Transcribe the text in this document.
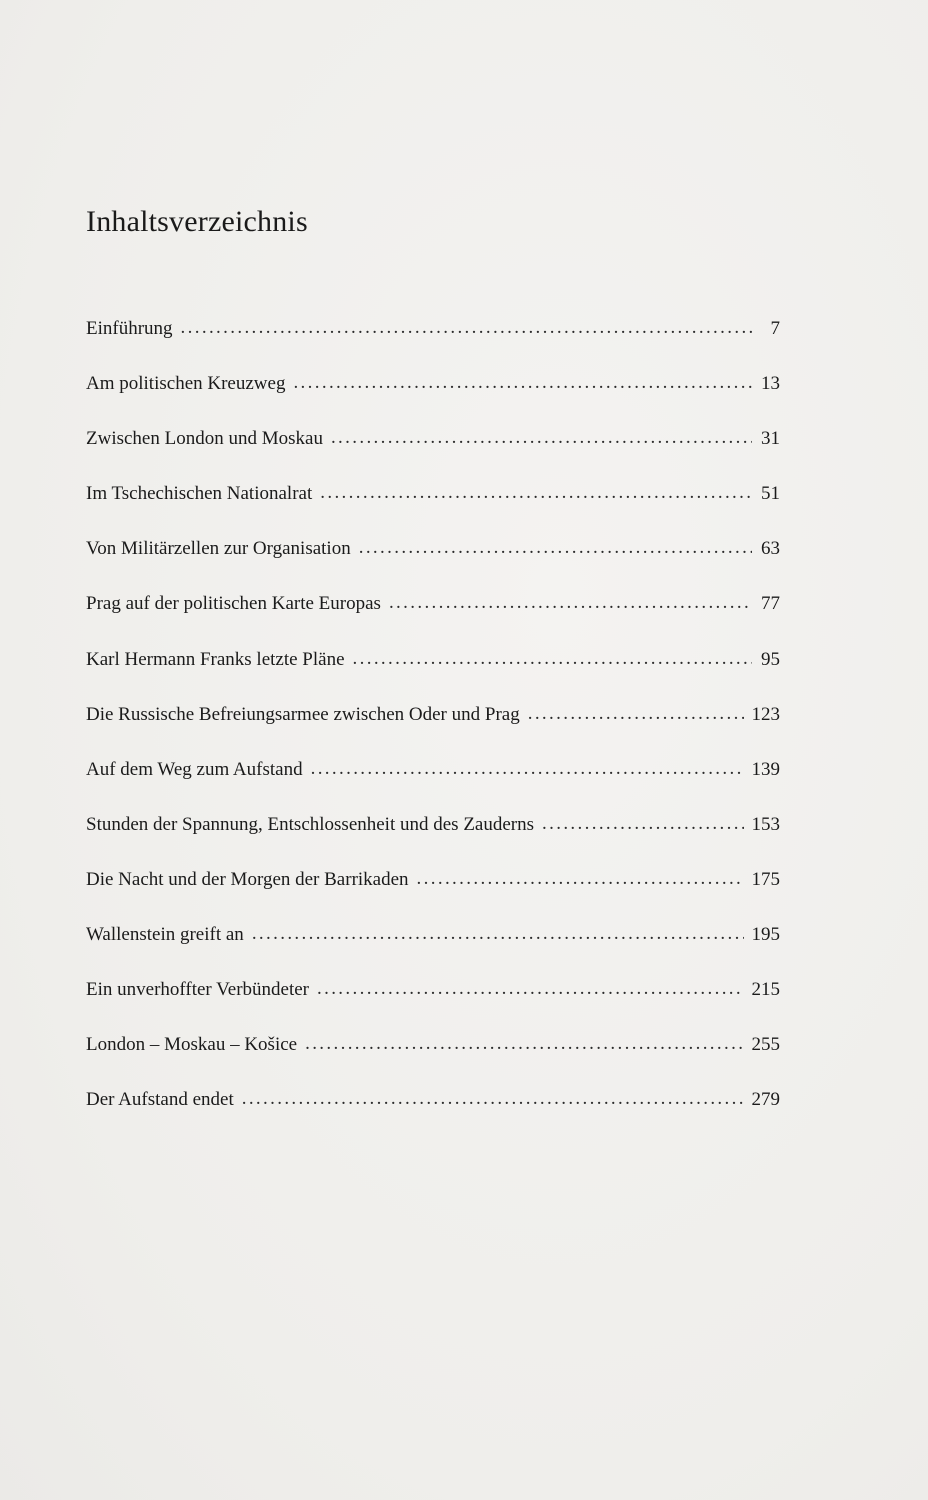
Inhaltsverzeichnis
Einführung . . .	7
Am politischen Kreuzweg . . .	13
Zwischen London und Moskau . . .	31
Im Tschechischen Nationalrat . . .	51
Von Militärzellen zur Organisation . . .	63
Prag auf der politischen Karte Europas . . .	77
Karl Hermann Franks letzte Pläne . . .	95
Die Russische Befreiungsarmee zwischen Oder und Prag . . .	123
Auf dem Weg zum Aufstand . . .	139
Stunden der Spannung, Entschlossenheit und des Zauderns . . .	153
Die Nacht und der Morgen der Barrikaden . . .	175
Wallenstein greift an . . .	195
Ein unverhoffter Verbündeter . . .	215
London – Moskau – Košice . . .	255
Der Aufstand endet . . .	279
